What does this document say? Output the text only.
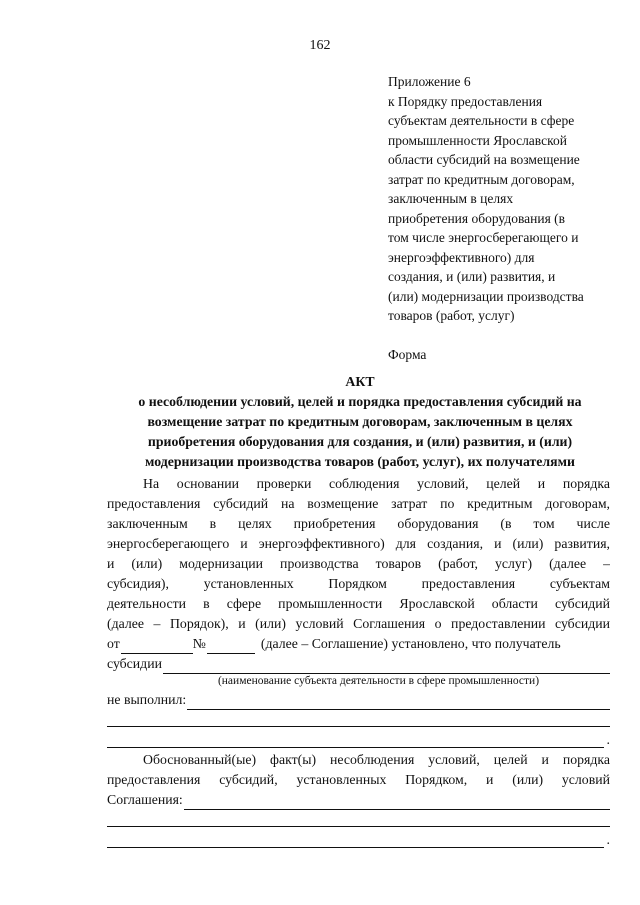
162
Приложение 6
к Порядку предоставления
субъектам деятельности в сфере
промышленности Ярославской
области субсидий на возмещение
затрат по кредитным договорам,
заключенным в целях
приобретения оборудования (в
том числе энергосберегающего и
энергоэффективного) для
создания, и (или) развития, и
(или) модернизации производства
товаров (работ, услуг)
Форма
АКТ
о несоблюдении условий, целей и порядка предоставления субсидий на
возмещение затрат по кредитным договорам, заключенным в целях
приобретения оборудования для создания, и (или) развития, и (или)
модернизации производства товаров (работ, услуг), их получателями
На основании проверки соблюдения условий, целей и порядка
предоставления субсидий на возмещение затрат по кредитным договорам,
заключенным в целях приобретения оборудования (в том числе
энергосберегающего и энергоэффективного) для создания, и (или) развития,
и (или) модернизации производства товаров (работ, услуг) (далее –
субсидия), установленных Порядком предоставления субъектам
деятельности в сфере промышленности Ярославской области субсидий
(далее – Порядок), и (или) условий Соглашения о предоставлении субсидии
от	№	(далее – Соглашение) установлено, что получатель
субсидии
(наименование субъекта деятельности в сфере промышленности)
не выполнил:
.
Обоснованный(ые) факт(ы) несоблюдения условий, целей и порядка
предоставления субсидий, установленных Порядком, и (или) условий
Соглашения:
.
